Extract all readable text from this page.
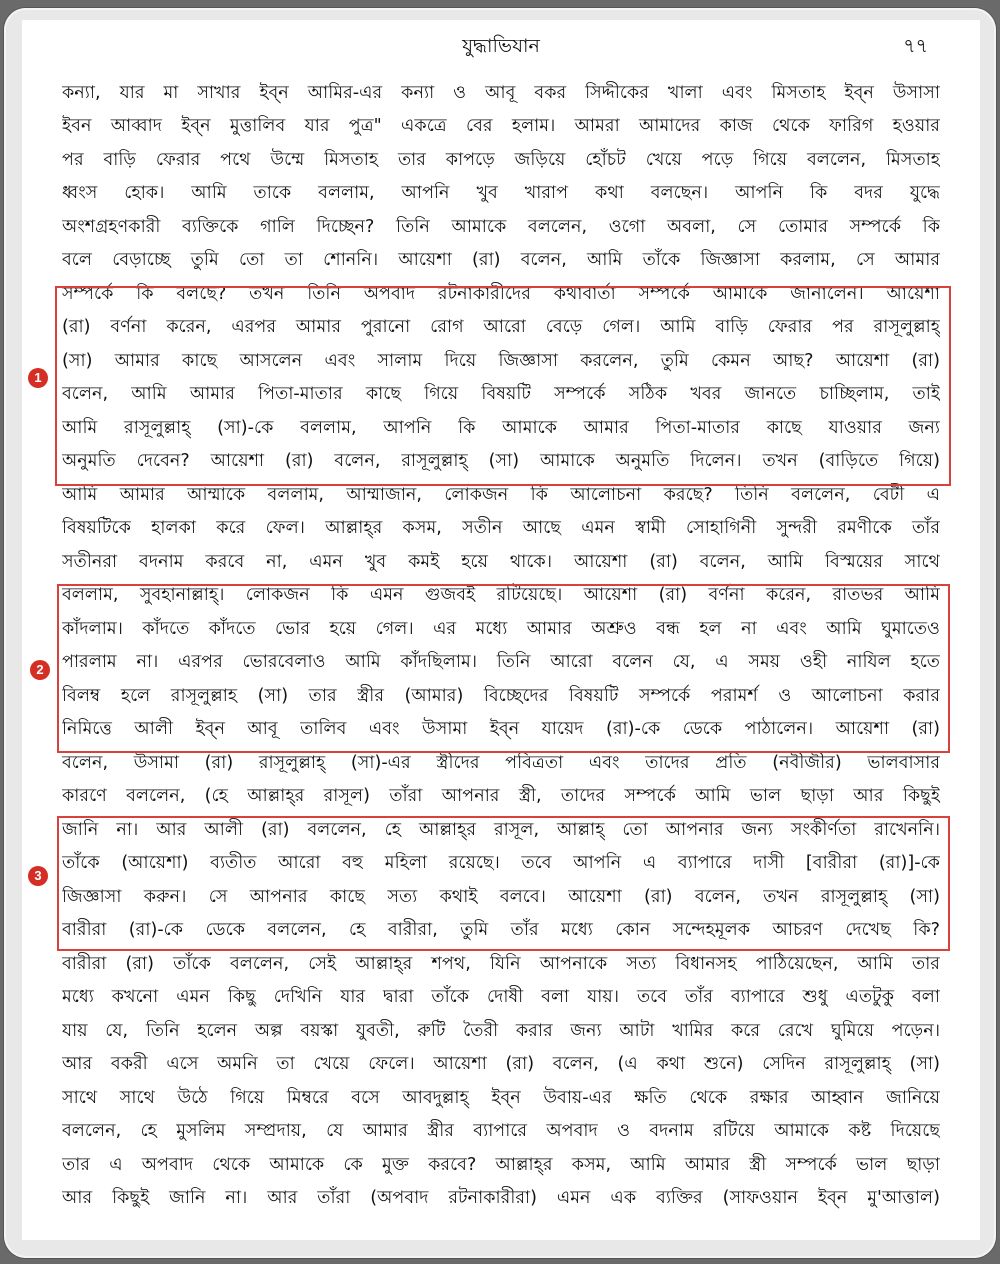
যুদ্ধাভিযান	৭৭
কন্যা, যার মা সাখার ইব্‌ন আমির-এর কন্যা ও আবূ বকর সিদ্দীকের খালা এবং মিসতাহ ইব্‌ন উসাসা
ইবন আব্বাদ ইব্‌ন মুত্তালিব যার পুত্র" একত্রে বের হলাম। আমরা আমাদের কাজ থেকে ফারিগ হওয়ার
পর বাড়ি ফেরার পথে উম্মে মিসতাহ তার কাপড়ে জড়িয়ে হোঁচট খেয়ে পড়ে গিয়ে বললেন, মিসতাহ
ধ্বংস হোক। আমি তাকে বললাম, আপনি খুব খারাপ কথা বলছেন। আপনি কি বদর যুদ্ধে
অংশগ্রহণকারী ব্যক্তিকে গালি দিচ্ছেন? তিনি আমাকে বললেন, ওগো অবলা, সে তোমার সম্পর্কে কি
বলে বেড়াচ্ছে তুমি তো তা শোননি। আয়েশা (রা) বলেন, আমি তাঁকে জিজ্ঞাসা করলাম, সে আমার
সম্পর্কে কি বলছে? তখন তিনি অপবাদ রটনাকারীদের কথাবার্তা সম্পর্কে আমাকে জানালেন। আয়েশা
(রা) বর্ণনা করেন, এরপর আমার পুরানো রোগ আরো বেড়ে গেল। আমি বাড়ি ফেরার পর রাসূলুল্লাহ্
(সা) আমার কাছে আসলেন এবং সালাম দিয়ে জিজ্ঞাসা করলেন, তুমি কেমন আছ? আয়েশা (রা)
বলেন, আমি আমার পিতা-মাতার কাছে গিয়ে বিষয়টি সম্পর্কে সঠিক খবর জানতে চাচ্ছিলাম, তাই
আমি রাসূলুল্লাহ্ (সা)-কে বললাম, আপনি কি আমাকে আমার পিতা-মাতার কাছে যাওয়ার জন্য
অনুমতি দেবেন? আয়েশা (রা) বলেন, রাসূলুল্লাহ্ (সা) আমাকে অনুমতি দিলেন। তখন (বাড়িতে গিয়ে)
আমি আমার আম্মাকে বললাম, আম্মাজান, লোকজন কি আলোচনা করছে? তিনি বললেন, বেটী এ
বিষয়টিকে হালকা করে ফেল। আল্লাহ্‌র কসম, সতীন আছে এমন স্বামী সোহাগিনী সুন্দরী রমণীকে তাঁর
সতীনরা বদনাম করবে না, এমন খুব কমই হয়ে থাকে। আয়েশা (রা) বলেন, আমি বিস্ময়ের সাথে
বললাম, সুবহানাল্লাহ্। লোকজন কি এমন গুজবই রটিয়েছে। আয়েশা (রা) বর্ণনা করেন, রাতভর আমি
কাঁদলাম। কাঁদতে কাঁদতে ভোর হয়ে গেল। এর মধ্যে আমার অশ্রুও বন্ধ হল না এবং আমি ঘুমাতেও
পারলাম না। এরপর ভোরবেলাও আমি কাঁদছিলাম। তিনি আরো বলেন যে, এ সময় ওহী নাযিল হতে
বিলম্ব হলে রাসূলুল্লাহ (সা) তার স্ত্রীর (আমার) বিচ্ছেদের বিষয়টি সম্পর্কে পরামর্শ ও আলোচনা করার
নিমিত্তে আলী ইব্‌ন আবূ তালিব এবং উসামা ইব্‌ন যায়েদ (রা)-কে ডেকে পাঠালেন। আয়েশা (রা)
বলেন, উসামা (রা) রাসূলুল্লাহ্ (সা)-এর স্ত্রীদের পবিত্রতা এবং তাদের প্রতি (নবীজীর) ভালবাসার
কারণে বললেন, (হে আল্লাহ্‌র রাসূল) তাঁরা আপনার স্ত্রী, তাদের সম্পর্কে আমি ভাল ছাড়া আর কিছুই
জানি না। আর আলী (রা) বললেন, হে আল্লাহ্‌র রাসূল, আল্লাহ্ তো আপনার জন্য সংকীর্ণতা রাখেননি।
তাঁকে (আয়েশা) ব্যতীত আরো বহু মহিলা রয়েছে। তবে আপনি এ ব্যাপারে দাসী [বারীরা (রা)]-কে
জিজ্ঞাসা করুন। সে আপনার কাছে সত্য কথাই বলবে। আয়েশা (রা) বলেন, তখন রাসূলুল্লাহ্ (সা)
বারীরা (রা)-কে ডেকে বললেন, হে বারীরা, তুমি তাঁর মধ্যে কোন সন্দেহমূলক আচরণ দেখেছ কি?
বারীরা (রা) তাঁকে বললেন, সেই আল্লাহ্‌র শপথ, যিনি আপনাকে সত্য বিধানসহ পাঠিয়েছেন, আমি তার
মধ্যে কখনো এমন কিছু দেখিনি যার দ্বারা তাঁকে দোষী বলা যায়। তবে তাঁর ব্যাপারে শুধু এতটুকু বলা
যায় যে, তিনি হলেন অল্প বয়স্কা যুবতী, রুটি তৈরী করার জন্য আটা খামির করে রেখে ঘুমিয়ে পড়েন।
আর বকরী এসে অমনি তা খেয়ে ফেলে। আয়েশা (রা) বলেন, (এ কথা শুনে) সেদিন রাসূলুল্লাহ্ (সা)
সাথে সাথে উঠে গিয়ে মিম্বরে বসে আবদুল্লাহ্ ইব্‌ন উবায়-এর ক্ষতি থেকে রক্ষার আহ্বান জানিয়ে
বললেন, হে মুসলিম সম্প্রদায়, যে আমার স্ত্রীর ব্যাপারে অপবাদ ও বদনাম রটিয়ে আমাকে কষ্ট দিয়েছে
তার এ অপবাদ থেকে আমাকে কে মুক্ত করবে? আল্লাহ্‌র কসম, আমি আমার স্ত্রী সম্পর্কে ভাল ছাড়া
আর কিছুই জানি না। আর তাঁরা (অপবাদ রটনাকারীরা) এমন এক ব্যক্তির (সাফওয়ান ইব্‌ন মু'আত্তাল)
1
2
3
